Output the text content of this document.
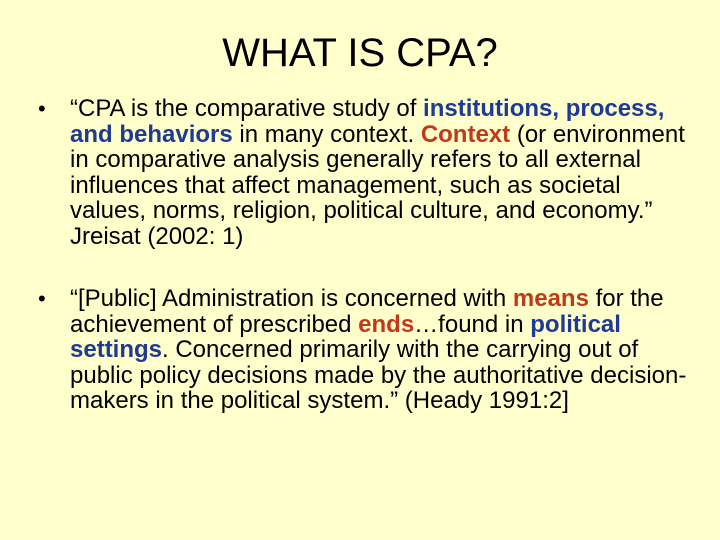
WHAT IS CPA?
• “CPA is the comparative study of institutions, process, and behaviors in many context. Context (or environment in comparative analysis generally refers to all external influences that affect management, such as societal values, norms, religion, political culture, and economy.” Jreisat (2002: 1)
• “[Public] Administration is concerned with means for the achievement of prescribed ends…found in political settings. Concerned primarily with the carrying out of public policy decisions made by the authoritative decision-makers in the political system.” (Heady 1991:2]
